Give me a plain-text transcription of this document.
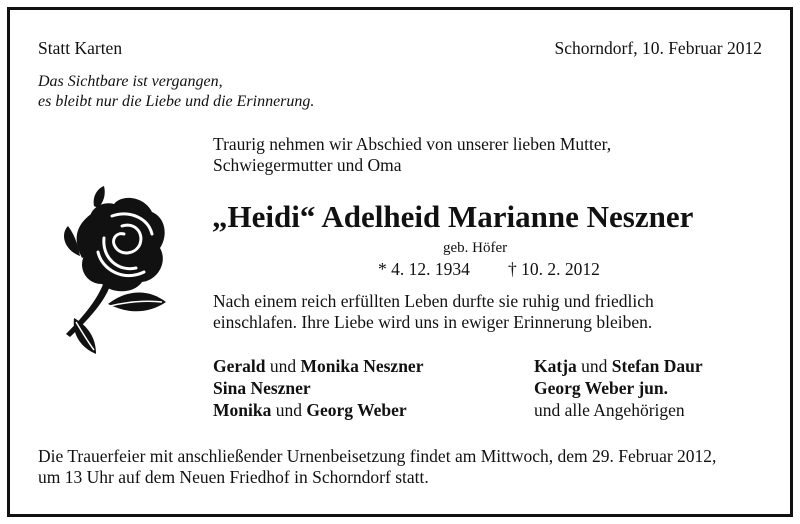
Statt Karten	Schorndorf, 10. Februar 2012
Das Sichtbare ist vergangen,
es bleibt nur die Liebe und die Erinnerung.
Traurig nehmen wir Abschied von unserer lieben Mutter,
Schwiegermutter und Oma
„Heidi“ Adelheid Marianne Neszner
geb. Höfer
* 4. 12. 1934 † 10. 2. 2012
Nach einem reich erfüllten Leben durfte sie ruhig und friedlich
einschlafen. Ihre Liebe wird uns in ewiger Erinnerung bleiben.
Gerald und Monika Neszner
Sina Neszner
Monika und Georg Weber
Katja und Stefan Daur
Georg Weber jun.
und alle Angehörigen
Die Trauerfeier mit anschließender Urnenbeisetzung findet am Mittwoch, dem 29. Februar 2012,
um 13 Uhr auf dem Neuen Friedhof in Schorndorf statt.
